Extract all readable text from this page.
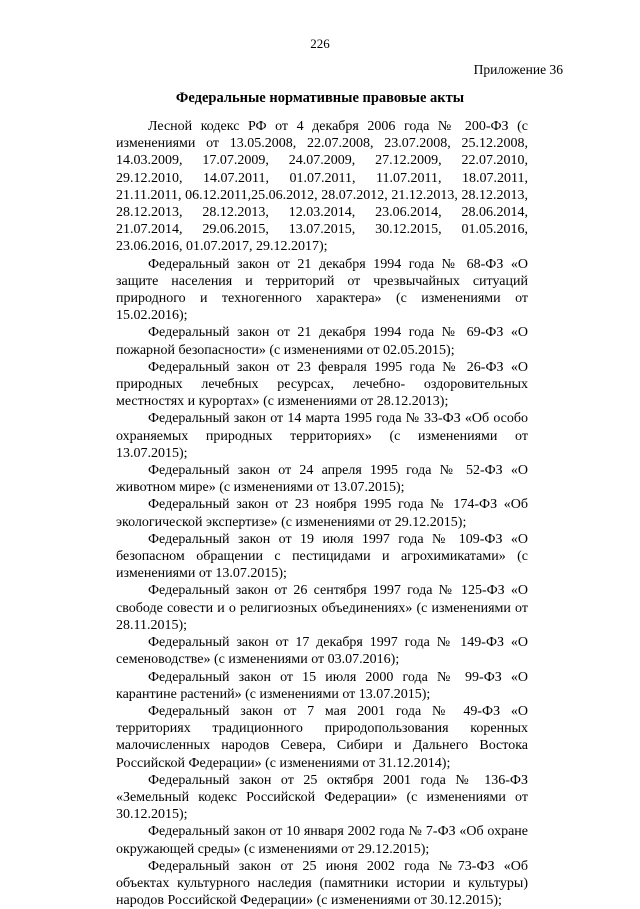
226
Приложение 36
Федеральные нормативные правовые акты

Лесной кодекс РФ от 4 декабря 2006 года № 200-ФЗ (с изменениями от 13.05.2008, 22.07.2008, 23.07.2008, 25.12.2008, 14.03.2009, 17.07.2009, 24.07.2009, 27.12.2009, 22.07.2010, 29.12.2010, 14.07.2011, 01.07.2011, 11.07.2011, 18.07.2011, 21.11.2011, 06.12.2011,25.06.2012, 28.07.2012, 21.12.2013, 28.12.2013, 28.12.2013, 28.12.2013, 12.03.2014, 23.06.2014, 28.06.2014, 21.07.2014, 29.06.2015, 13.07.2015, 30.12.2015, 01.05.2016, 23.06.2016, 01.07.2017, 29.12.2017);

Федеральный закон от 21 декабря 1994 года № 68-ФЗ «О защите населения и территорий от чрезвычайных ситуаций природного и техногенного характера» (с изменениями от 15.02.2016);

Федеральный закон от 21 декабря 1994 года № 69-ФЗ «О пожарной безопасности» (с изменениями от 02.05.2015);

Федеральный закон от 23 февраля 1995 года № 26-ФЗ «О природных лечебных ресурсах, лечебно- оздоровительных местностях и курортах» (с изменениями от 28.12.2013);

Федеральный закон от 14 марта 1995 года № 33-ФЗ «Об особо охраняемых природных территориях» (с изменениями от 13.07.2015);

Федеральный закон от 24 апреля 1995 года № 52-ФЗ «О животном мире» (с изменениями от 13.07.2015);

Федеральный закон от 23 ноября 1995 года № 174-ФЗ «Об экологической экспертизе» (с изменениями от 29.12.2015);

Федеральный закон от 19 июля 1997 года № 109-ФЗ «О безопасном обращении с пестицидами и агрохимикатами» (с изменениями от 13.07.2015);

Федеральный закон от 26 сентября 1997 года № 125-ФЗ «О свободе совести и о религиозных объединениях» (с изменениями от 28.11.2015);

Федеральный закон от 17 декабря 1997 года № 149-ФЗ «О семеноводстве» (с изменениями от 03.07.2016);

Федеральный закон от 15 июля 2000 года № 99-ФЗ «О карантине растений» (с изменениями от 13.07.2015);

Федеральный закон от 7 мая 2001 года № 49-ФЗ «О территориях традиционного природопользования коренных малочисленных народов Севера, Сибири и Дальнего Востока Российской Федерации» (с изменениями от 31.12.2014);

Федеральный закон от 25 октября 2001 года № 136-ФЗ «Земельный кодекс Российской Федерации» (с изменениями от 30.12.2015);

Федеральный закон от 10 января 2002 года № 7-ФЗ «Об охране окружающей среды» (с изменениями от 29.12.2015);

Федеральный закон от 25 июня 2002 года №73-ФЗ «Об объектах культурного наследия (памятники истории и культуры) народов Российской Федерации» (с изменениями от 30.12.2015);
